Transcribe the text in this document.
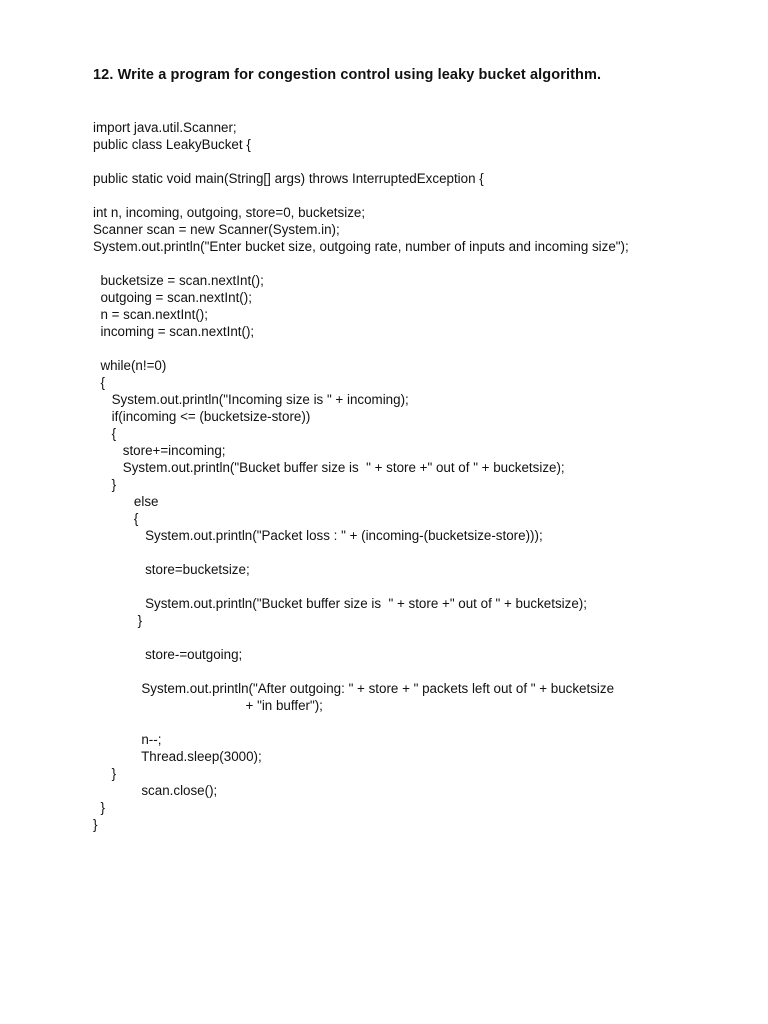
12. Write a program for congestion control using leaky bucket algorithm.
import java.util.Scanner;
public class LeakyBucket {
public static void main(String[] args) throws InterruptedException {
int n, incoming, outgoing, store=0, bucketsize;
Scanner scan = new Scanner(System.in);
System.out.println("Enter bucket size, outgoing rate, number of inputs and incoming size");
bucketsize = scan.nextInt();
outgoing = scan.nextInt();
n = scan.nextInt();
incoming = scan.nextInt();
while(n!=0)
{
System.out.println("Incoming size is " + incoming);
if(incoming <= (bucketsize-store))
{
store+=incoming;
System.out.println("Bucket buffer size is  " + store +" out of " + bucketsize);
}
else
{
System.out.println("Packet loss : " + (incoming-(bucketsize-store)));
store=bucketsize;
System.out.println("Bucket buffer size is  " + store +" out of " + bucketsize);
}
store-=outgoing;
System.out.println("After outgoing: " + store + " packets left out of " + bucketsize
+ "in buffer");
n--;
Thread.sleep(3000);
}
scan.close();
}
}
